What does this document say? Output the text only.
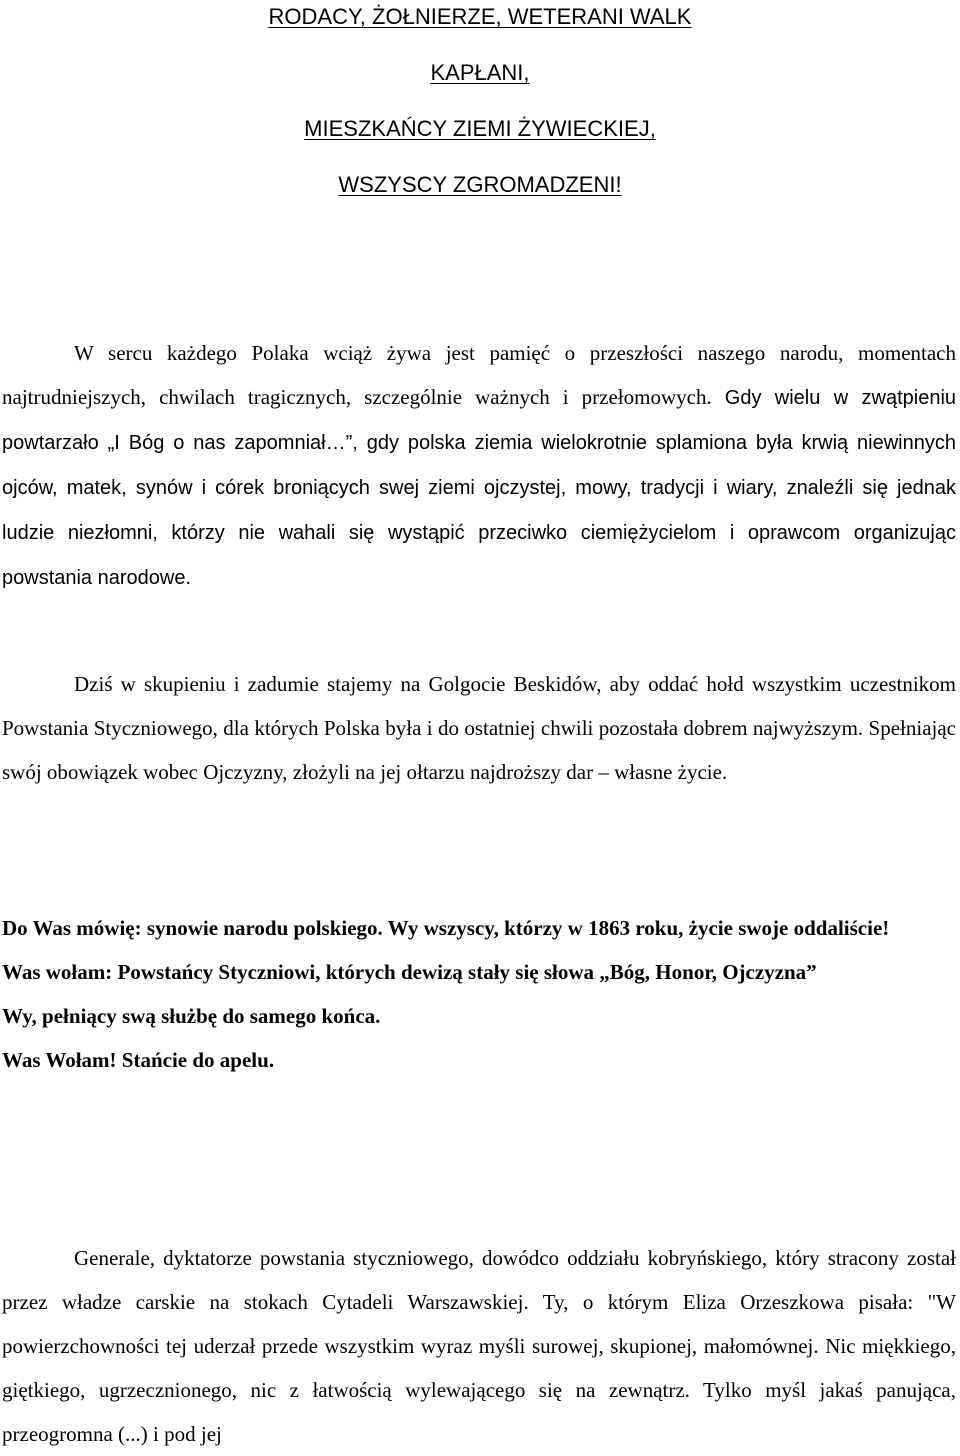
RODACY, ŻOŁNIERZE, WETERANI WALK
KAPŁANI,
MIESZKAŃCY ZIEMI ŻYWIECKIEJ,
WSZYSCY ZGROMADZENI!

W sercu każdego Polaka wciąż żywa jest pamięć o przeszłości naszego narodu, momentach najtrudniejszych, chwilach tragicznych, szczególnie ważnych i przełomowych. Gdy wielu w zwątpieniu powtarzało „I Bóg o nas zapomniał…”, gdy polska ziemia wielokrotnie splamiona była krwią niewinnych ojców, matek, synów i córek broniących swej ziemi ojczystej, mowy, tradycji i wiary, znaleźli się jednak ludzie niezłomni, którzy nie wahali się wystąpić przeciwko ciemiężycielom i oprawcom organizując powstania narodowe.

Dziś w skupieniu i zadumie stajemy na Golgocie Beskidów, aby oddać hołd wszystkim uczestnikom Powstania Styczniowego, dla których Polska była i do ostatniej chwili pozostała dobrem najwyższym. Spełniając swój obowiązek wobec Ojczyzny, złożyli na jej ołtarzu najdroższy dar – własne życie.

Do Was mówię: synowie narodu polskiego. Wy wszyscy, którzy w 1863 roku, życie swoje oddaliście!
Was wołam: Powstańcy Styczniowi, których dewizą stały się słowa „Bóg, Honor, Ojczyzna”
Wy, pełniący swą służbę do samego końca.
Was Wołam! Stańcie do apelu.

Generale, dyktatorze powstania styczniowego, dowódco oddziału kobryńskiego, który stracony został przez władze carskie na stokach Cytadeli Warszawskiej. Ty, o którym Eliza Orzeszkowa pisała: "W powierzchowności tej uderzał przede wszystkim wyraz myśli surowej, skupionej, małomównej. Nic miękkiego, giętkiego, ugrzecznionego, nic z łatwością wylewającego się na zewnątrz. Tylko myśl jakaś panująca, przeogromna (...) i pod jej
